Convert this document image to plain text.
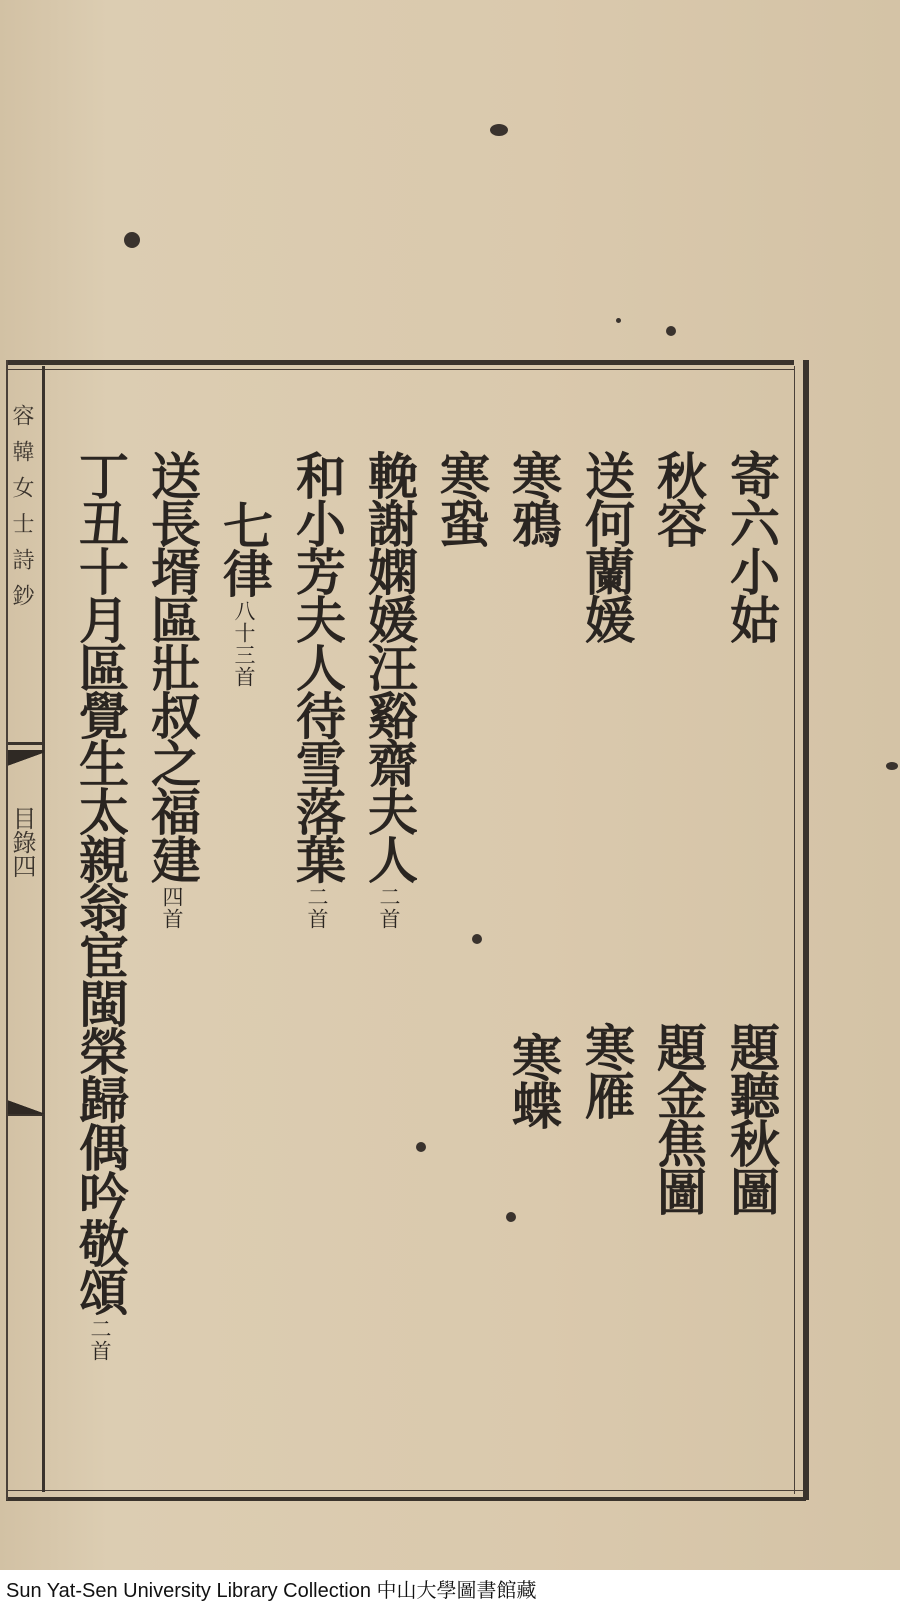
容韓女士詩鈔
目錄四
寄六小姑
秋容
送何蘭媛
寒鴉
寒蛩
輓謝嫻媛汪谿齋夫人二首
和小芳夫人待雪落葉二首
七律八十三首
送長壻區壯叔之福建四首
丁丑十月區覺生太親翁宦閩榮歸偶吟敬頌二首
題聽秋圖
題金焦圖
寒雁
寒蝶
Sun Yat-Sen University Library Collection 中山大學圖書館藏
